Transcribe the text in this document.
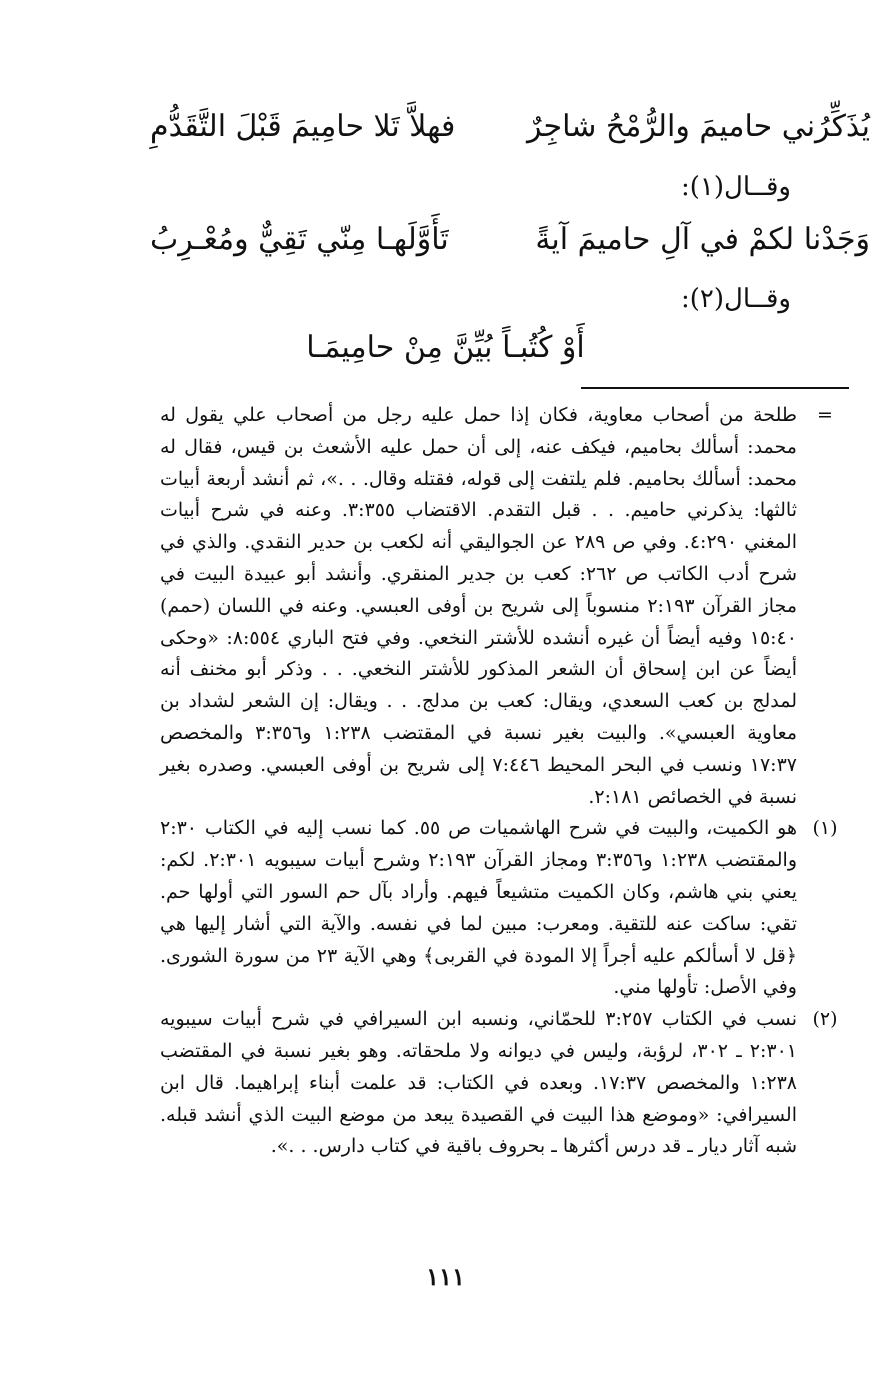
يُذَكِّرُني حاميمَ والرُّمْحُ شاجِرٌ
فهلاَّ تَلا حامِيمَ قَبْلَ التَّقَدُّمِ
وقــال(١):
وَجَدْنا لكمْ في آلِ حاميمَ آيةً
تَأَوَّلَهـا مِنّي تَقِيٌّ ومُعْـرِبُ
وقــال(٢):
أَوْ كُتُبـاً بُيِّنَّ مِنْ حامِيمَـا
=
طلحة من أصحاب معاوية، فكان إذا حمل عليه رجل من أصحاب علي يقول له محمد: أسألك بحاميم، فيكف عنه، إلى أن حمل عليه الأشعث بن قيس، فقال له محمد: أسألك بحاميم. فلم يلتفت إلى قوله، فقتله وقال. . .»، ثم أنشد أربعة أبيات ثالثها: يذكرني حاميم. . . قبل التقدم. الاقتضاب ٣:٣٥٥. وعنه في شرح أبيات المغني ٤:٢٩٠. وفي ص ٢٨٩ عن الجواليقي أنه لكعب بن حدير النقدي. والذي في شرح أدب الكاتب ص ٢٦٢: كعب بن جدير المنقري. وأنشد أبو عبيدة البيت في مجاز القرآن ٢:١٩٣ منسوباً إلى شريح بن أوفى العبسي. وعنه في اللسان (حمم) ١٥:٤٠ وفيه أيضاً أن غيره أنشده للأشتر النخعي. وفي فتح الباري ٨:٥٥٤: «وحكى أيضاً عن ابن إسحاق أن الشعر المذكور للأشتر النخعي. . . وذكر أبو مخنف أنه لمدلج بن كعب السعدي، ويقال: كعب بن مدلج. . . ويقال: إن الشعر لشداد بن معاوية العبسي». والبيت بغير نسبة في المقتضب ١:٢٣٨ و٣:٣٥٦ والمخصص ١٧:٣٧ ونسب في البحر المحيط ٧:٤٤٦ إلى شريح بن أوفى العبسي. وصدره بغير نسبة في الخصائص ٢:١٨١.
(١)
هو الكميت، والبيت في شرح الهاشميات ص ٥٥. كما نسب إليه في الكتاب ٢:٣٠ والمقتضب ١:٢٣٨ و٣:٣٥٦ ومجاز القرآن ٢:١٩٣ وشرح أبيات سيبويه ٢:٣٠١. لكم: يعني بني هاشم، وكان الكميت متشيعاً فيهم. وأراد بآل حم السور التي أولها حم. تقي: ساكت عنه للتقية. ومعرب: مبين لما في نفسه. والآية التي أشار إليها هي ﴿قل لا أسألكم عليه أجراً إلا المودة في القربى﴾ وهي الآية ٢٣ من سورة الشورى. وفي الأصل: تأولها مني.
(٢)
نسب في الكتاب ٣:٢٥٧ للحمّاني، ونسبه ابن السيرافي في شرح أبيات سيبويه ٢:٣٠١ ـ ٣٠٢، لرؤبة، وليس في ديوانه ولا ملحقاته. وهو بغير نسبة في المقتضب ١:٢٣٨ والمخصص ١٧:٣٧. وبعده في الكتاب: قد علمت أبناء إبراهيما. قال ابن السيرافي: «وموضع هذا البيت في القصيدة يبعد من موضع البيت الذي أنشد قبله. شبه آثار ديار ـ قد درس أكثرها ـ بحروف باقية في كتاب دارس. . .».
١١١
